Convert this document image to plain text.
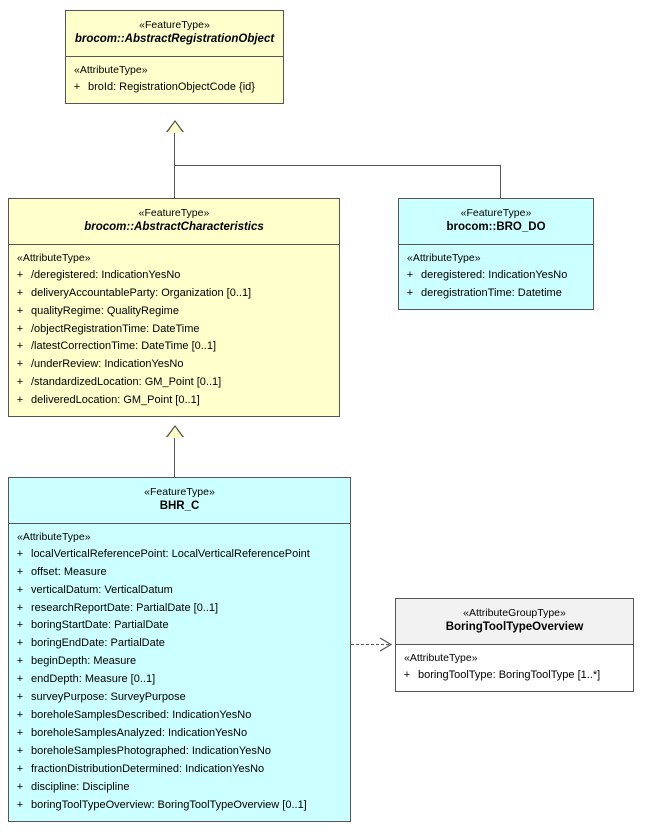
«FeatureType»
brocom::AbstractRegistrationObject
«AttributeType»
+ broId: RegistrationObjectCode {id}
«FeatureType»
brocom::AbstractCharacteristics
«AttributeType»
+ /deregistered: IndicationYesNo
+ deliveryAccountableParty: Organization [0..1]
+ qualityRegime: QualityRegime
+ /objectRegistrationTime: DateTime
+ /latestCorrectionTime: DateTime [0..1]
+ /underReview: IndicationYesNo
+ /standardizedLocation: GM_Point [0..1]
+ deliveredLocation: GM_Point [0..1]
«FeatureType»
brocom::BRO_DO
«AttributeType»
+ deregistered: IndicationYesNo
+ deregistrationTime: Datetime
«FeatureType»
BHR_C
«AttributeType»
+ localVerticalReferencePoint: LocalVerticalReferencePoint
+ offset: Measure
+ verticalDatum: VerticalDatum
+ researchReportDate: PartialDate [0..1]
+ boringStartDate: PartialDate
+ boringEndDate: PartialDate
+ beginDepth: Measure
+ endDepth: Measure [0..1]
+ surveyPurpose: SurveyPurpose
+ boreholeSamplesDescribed: IndicationYesNo
+ boreholeSamplesAnalyzed: IndicationYesNo
+ boreholeSamplesPhotographed: IndicationYesNo
+ fractionDistributionDetermined: IndicationYesNo
+ discipline: Discipline
+ boringToolTypeOverview: BoringToolTypeOverview [0..1]
«AttributeGroupType»
BoringToolTypeOverview
«AttributeType»
+ boringToolType: BoringToolType [1..*]
